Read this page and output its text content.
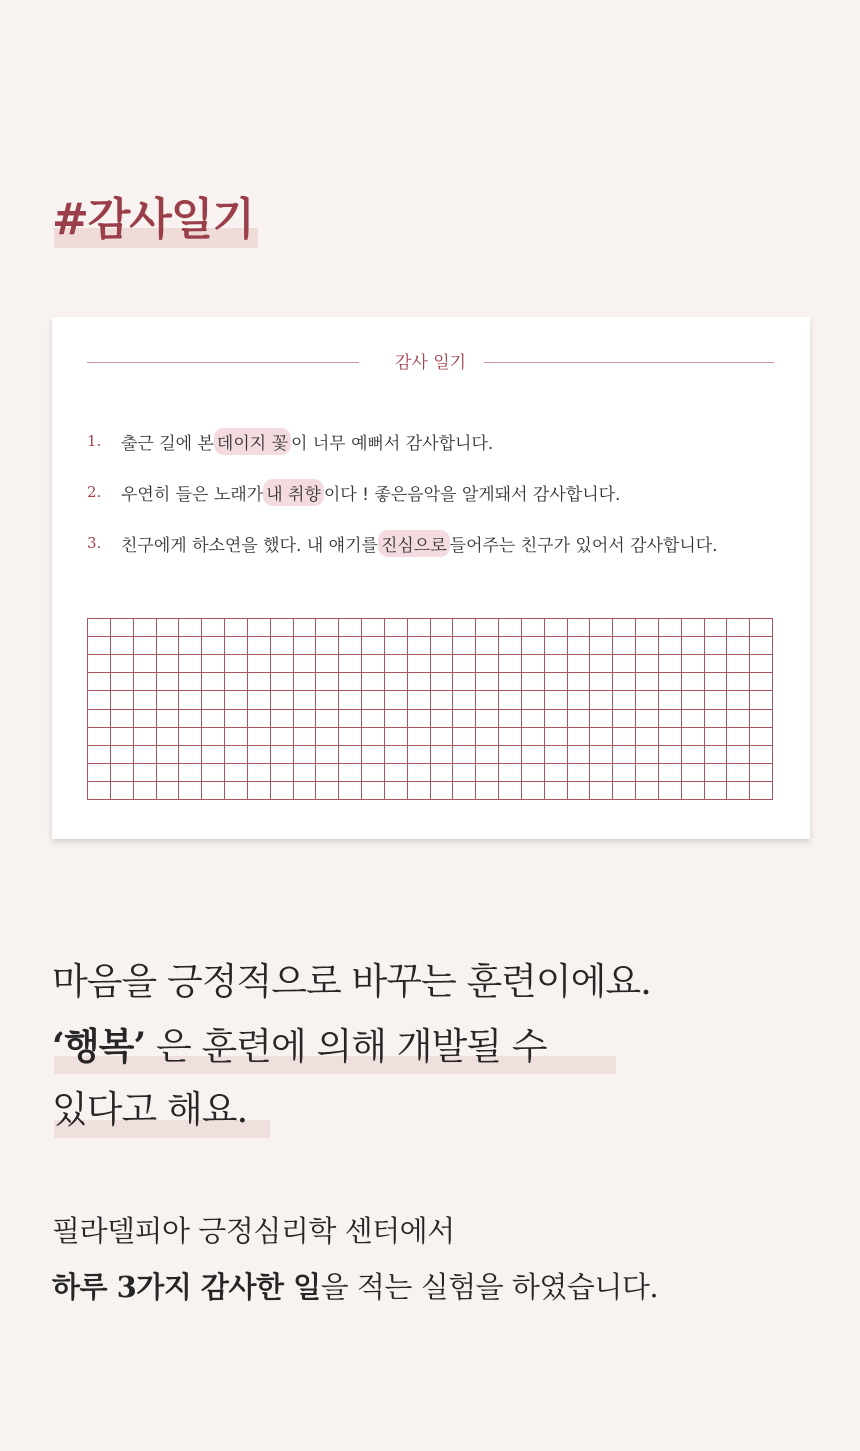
#감사일기
감사 일기
1.	출근 길에 본 데이지 꽃 이 너무 예뻐서 감사합니다.
2.	우연히 들은 노래가 내 취향 이다 ! 좋은음악을 알게돼서 감사합니다.
3.	친구에게 하소연을 했다. 내 얘기를 진심으로 들어주는 친구가 있어서 감사합니다.
마음을 긍정적으로 바꾸는 훈련이에요.
‘행복’ 은 훈련에 의해 개발될 수
있다고 해요.
필라델피아 긍정심리학 센터에서
하루 3가지 감사한 일을 적는 실험을 하였습니다.
